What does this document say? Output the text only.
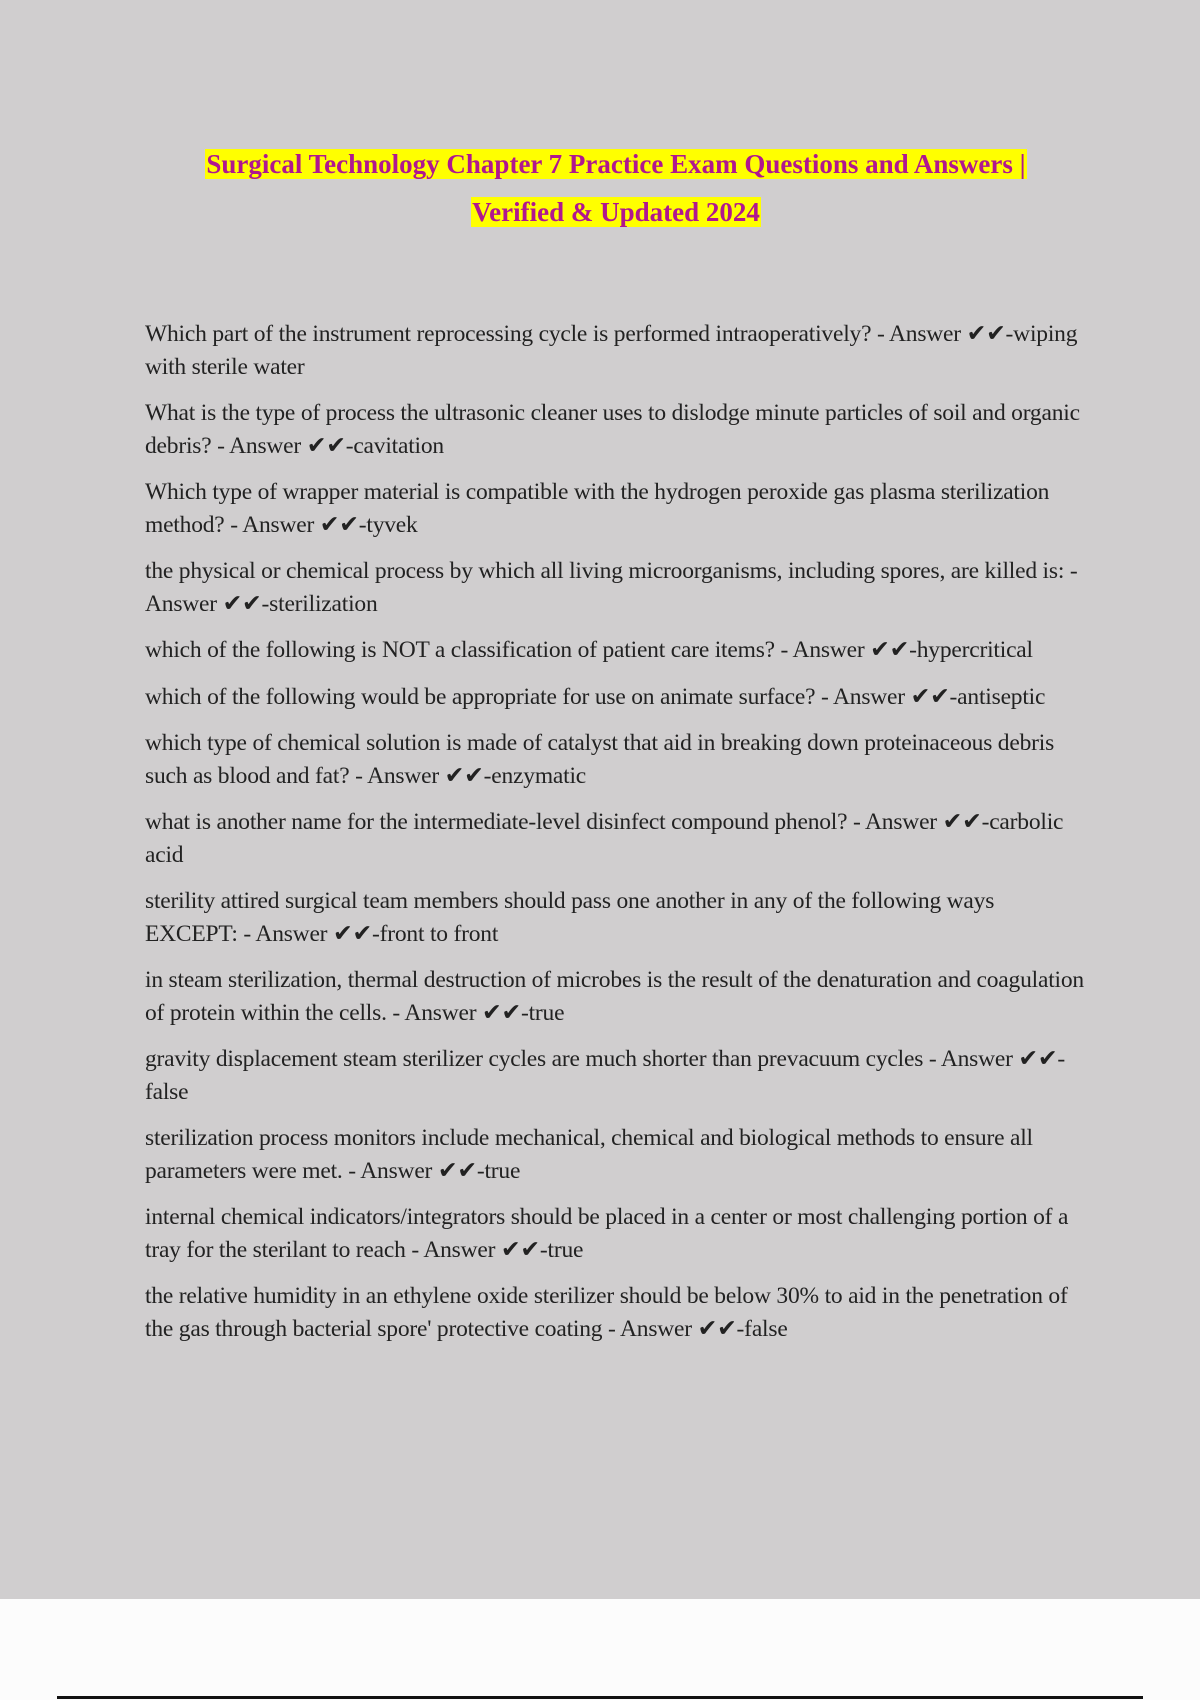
Surgical Technology Chapter 7 Practice Exam Questions and Answers |
Verified & Updated 2024

Which part of the instrument reprocessing cycle is performed intraoperatively? - Answer ✔✔-wiping with sterile water

What is the type of process the ultrasonic cleaner uses to dislodge minute particles of soil and organic debris? - Answer ✔✔-cavitation

Which type of wrapper material is compatible with the hydrogen peroxide gas plasma sterilization method? - Answer ✔✔-tyvek

the physical or chemical process by which all living microorganisms, including spores, are killed is: - Answer ✔✔-sterilization

which of the following is NOT a classification of patient care items? - Answer ✔✔-hypercritical

which of the following would be appropriate for use on animate surface? - Answer ✔✔-antiseptic

which type of chemical solution is made of catalyst that aid in breaking down proteinaceous debris such as blood and fat? - Answer ✔✔-enzymatic

what is another name for the intermediate-level disinfect compound phenol? - Answer ✔✔-carbolic acid

sterility attired surgical team members should pass one another in any of the following ways EXCEPT: - Answer ✔✔-front to front

in steam sterilization, thermal destruction of microbes is the result of the denaturation and coagulation of protein within the cells. - Answer ✔✔-true

gravity displacement steam sterilizer cycles are much shorter than prevacuum cycles - Answer ✔✔-false

sterilization process monitors include mechanical, chemical and biological methods to ensure all parameters were met. - Answer ✔✔-true

internal chemical indicators/integrators should be placed in a center or most challenging portion of a tray for the sterilant to reach - Answer ✔✔-true

the relative humidity in an ethylene oxide sterilizer should be below 30% to aid in the penetration of the gas through bacterial spore' protective coating - Answer ✔✔-false
